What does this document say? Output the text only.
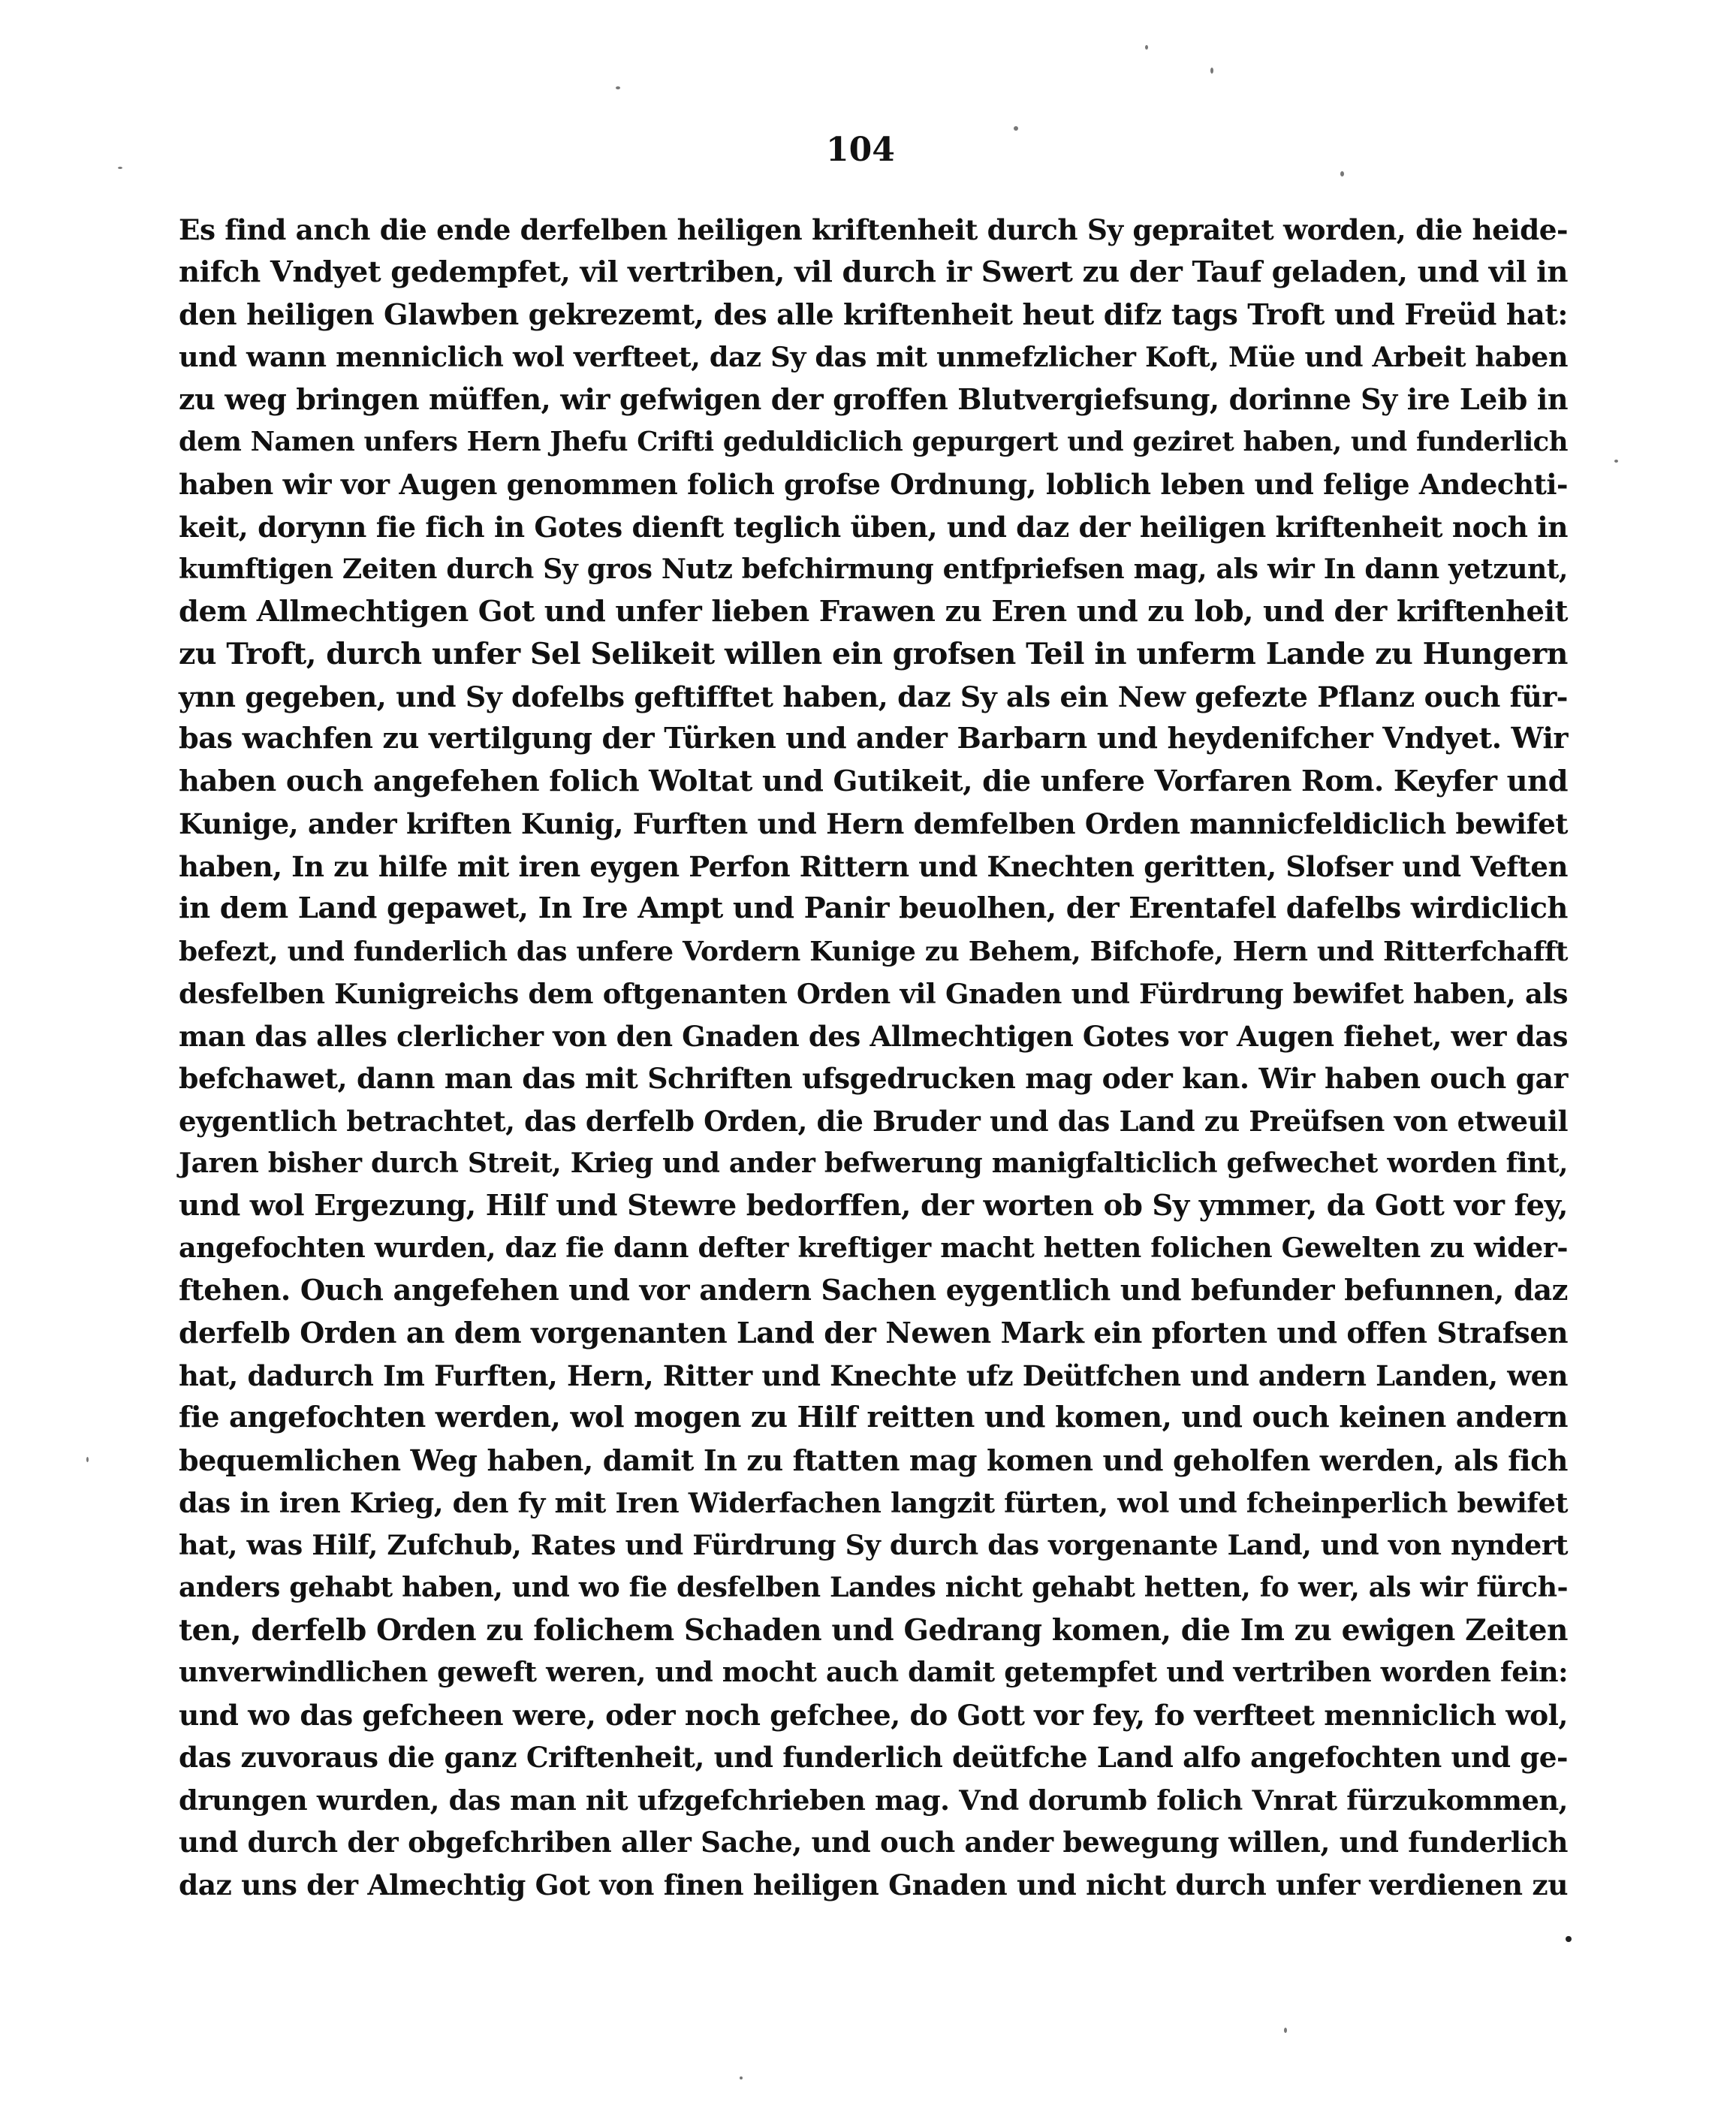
104
Es find anch die ende derfelben heiligen kriftenheit durch Sy gepraitet worden, die heide-
nifch Vndyet gedempfet, vil vertriben, vil durch ir Swert zu der Tauf geladen, und vil in
den heiligen Glawben gekrezemt, des alle kriftenheit heut difz tags Troft und Freüd hat:
und wann menniclich wol verfteet, daz Sy das mit unmefzlicher Koft, Müe und Arbeit haben
zu weg bringen müffen, wir gefwigen der groffen Blutvergiefsung, dorinne Sy ire Leib in
dem Namen unfers Hern Jhefu Crifti geduldiclich gepurgert und geziret haben, und funderlich
haben wir vor Augen genommen folich grofse Ordnung, loblich leben und felige Andechti-
keit, dorynn fie fich in Gotes dienft teglich üben, und daz der heiligen kriftenheit noch in
kumftigen Zeiten durch Sy gros Nutz befchirmung entfpriefsen mag, als wir In dann yetzunt,
dem Allmechtigen Got und unfer lieben Frawen zu Eren und zu lob, und der kriftenheit
zu Troft, durch unfer Sel Selikeit willen ein grofsen Teil in unferm Lande zu Hungern
ynn gegeben, und Sy dofelbs geftifftet haben, daz Sy als ein New gefezte Pflanz ouch für-
bas wachfen zu vertilgung der Türken und ander Barbarn und heydenifcher Vndyet. Wir
haben ouch angefehen folich Woltat und Gutikeit, die unfere Vorfaren Rom. Keyfer und
Kunige, ander kriften Kunig, Furften und Hern demfelben Orden mannicfeldiclich bewifet
haben, In zu hilfe mit iren eygen Perfon Rittern und Knechten geritten, Slofser und Veften
in dem Land gepawet, In Ire Ampt und Panir beuolhen, der Erentafel dafelbs wirdiclich
befezt, und funderlich das unfere Vordern Kunige zu Behem, Bifchofe, Hern und Ritterfchafft
desfelben Kunigreichs dem oftgenanten Orden vil Gnaden und Fürdrung bewifet haben, als
man das alles clerlicher von den Gnaden des Allmechtigen Gotes vor Augen fiehet, wer das
befchawet, dann man das mit Schriften ufsgedrucken mag oder kan. Wir haben ouch gar
eygentlich betrachtet, das derfelb Orden, die Bruder und das Land zu Preüfsen von etweuil
Jaren bisher durch Streit, Krieg und ander befwerung manigfalticlich gefwechet worden fint,
und wol Ergezung, Hilf und Stewre bedorffen, der worten ob Sy ymmer, da Gott vor fey,
angefochten wurden, daz fie dann defter kreftiger macht hetten folichen Gewelten zu wider-
ftehen. Ouch angefehen und vor andern Sachen eygentlich und befunder befunnen, daz
derfelb Orden an dem vorgenanten Land der Newen Mark ein pforten und offen Strafsen
hat, dadurch Im Furften, Hern, Ritter und Knechte ufz Deütfchen und andern Landen, wen
fie angefochten werden, wol mogen zu Hilf reitten und komen, und ouch keinen andern
bequemlichen Weg haben, damit In zu ftatten mag komen und geholfen werden, als fich
das in iren Krieg, den fy mit Iren Widerfachen langzit fürten, wol und fcheinperlich bewifet
hat, was Hilf, Zufchub, Rates und Fürdrung Sy durch das vorgenante Land, und von nyndert
anders gehabt haben, und wo fie desfelben Landes nicht gehabt hetten, fo wer, als wir fürch-
ten, derfelb Orden zu folichem Schaden und Gedrang komen, die Im zu ewigen Zeiten
unverwindlichen geweft weren, und mocht auch damit getempfet und vertriben worden fein:
und wo das gefcheen were, oder noch gefchee, do Gott vor fey, fo verfteet menniclich wol,
das zuvoraus die ganz Criftenheit, und funderlich deütfche Land alfo angefochten und ge-
drungen wurden, das man nit ufzgefchrieben mag. Vnd dorumb folich Vnrat fürzukommen,
und durch der obgefchriben aller Sache, und ouch ander bewegung willen, und funderlich
daz uns der Almechtig Got von finen heiligen Gnaden und nicht durch unfer verdienen zu
